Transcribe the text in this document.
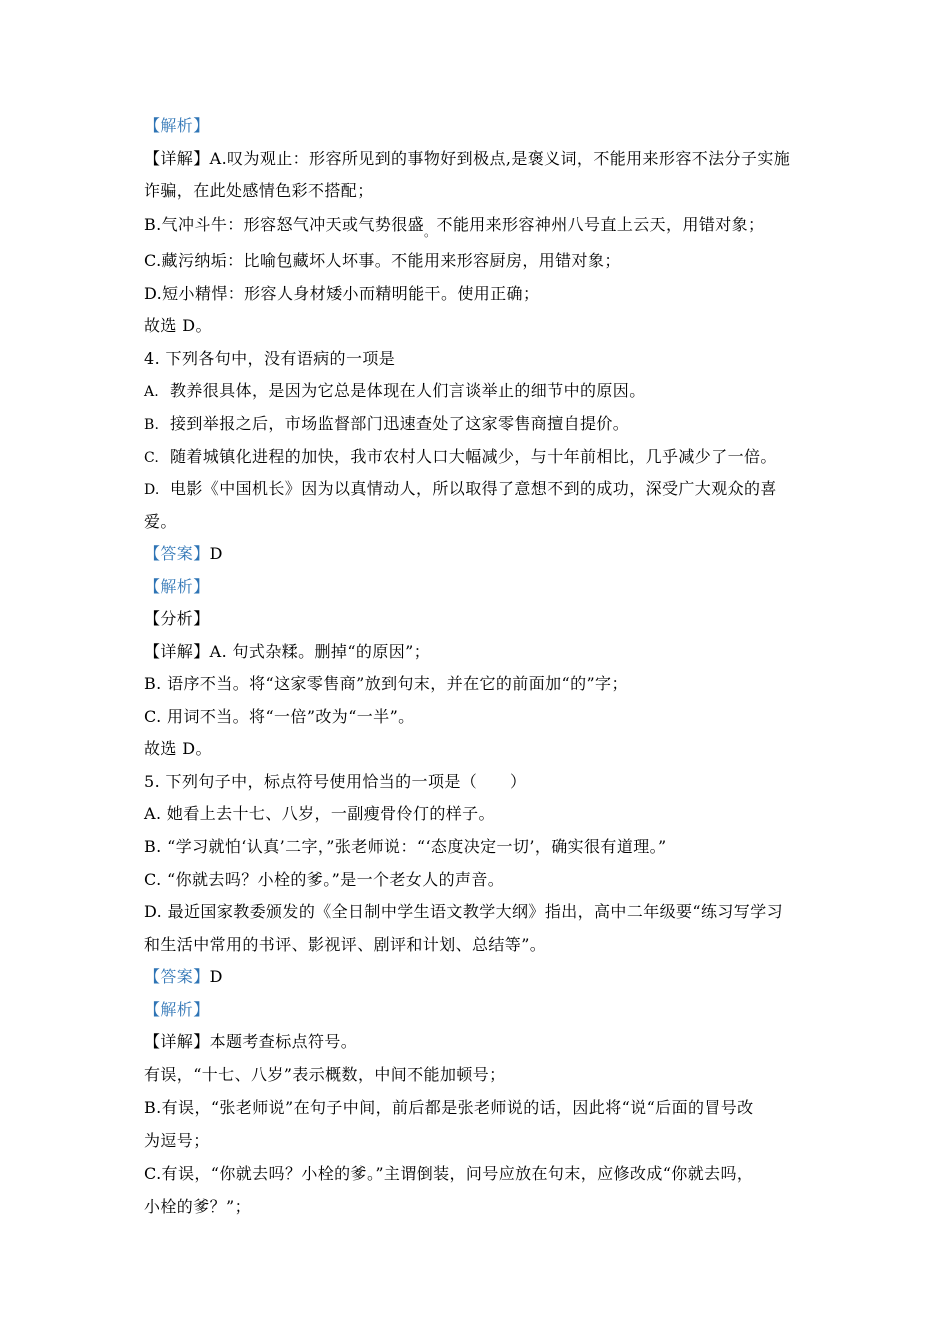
【解析】
【详解】A.叹为观止：形容所见到的事物好到极点,是褒义词，不能用来形容不法分子实施
诈骗，在此处感情色彩不搭配；
B.气冲斗牛：形容怒气冲天或气势很盛$_。$不能用来形容神州八号直上云天，用错对象；
C.藏污纳垢：比喻包藏坏人坏事。不能用来形容厨房，用错对象；
D.短小精悍：形容人身材矮小而精明能干。使用正确；
故选 D。
4. 下列各句中，没有语病的一项是
A. 教养很具体，是因为它总是体现在人们言谈举止的细节中的原因。
B. 接到举报之后，市场监督部门迅速查处了这家零售商擅自提价。
C. 随着城镇化进程的加快，我市农村人口大幅减少，与十年前相比，几乎减少了一倍。
D. 电影《中国机长》因为以真情动人，所以取得了意想不到的成功，深受广大观众的喜
爱。
【答案】D
【解析】
【分析】
【详解】A. 句式杂糅。删掉“的原因”；
B. 语序不当。将“这家零售商”放到句末，并在它的前面加“的”字；
C. 用词不当。将“一倍”改为“一半”。
故选 D。
5. 下列句子中，标点符号使用恰当的一项是（　　）
A. 她看上去十七、八岁，一副瘦骨伶仃的样子。
B. “学习就怕‘认真’二字，”张老师说：“‘态度决定一切’，确实很有道理。”
C. “你就去吗？小栓的爹。”是一个老女人的声音。
D. 最近国家教委颁发的《全日制中学生语文教学大纲》指出，高中二年级要“练习写学习
和生活中常用的书评、影视评、剧评和计划、总结等”。
【答案】D
【解析】
【详解】本题考查标点符号。
有误，“十七、八岁”表示概数，中间不能加顿号；
B.有误，“张老师说”在句子中间，前后都是张老师说的话，因此将“说“后面的冒号改
为逗号；
C.有误，“你就去吗？小栓的爹。”主谓倒装，问号应放在句末，应修改成“你就去吗，
小栓的爹？”；
